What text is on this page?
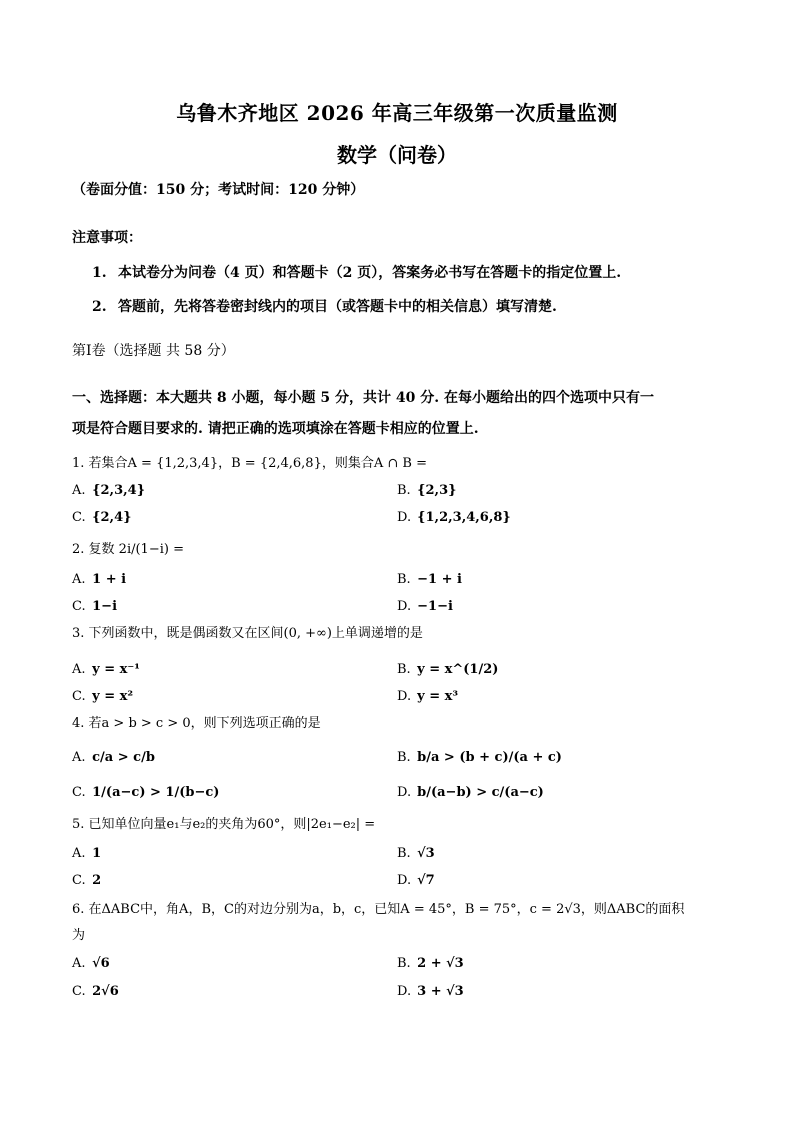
乌鲁木齐地区 2026 年高三年级第一次质量监测
数学（问卷）
（卷面分值：150 分；考试时间：120 分钟）
注意事项：
1. 本试卷分为问卷（4 页）和答题卡（2 页），答案务必书写在答题卡的指定位置上.
2. 答题前，先将答卷密封线内的项目（或答题卡中的相关信息）填写清楚.
第Ⅰ卷（选择题 共 58 分）
一、选择题：本大题共 8 小题，每小题 5 分，共计 40 分. 在每小题给出的四个选项中只有一
项是符合题目要求的. 请把正确的选项填涂在答题卡相应的位置上.
1. 若集合A = {1,2,3,4}，B = {2,4,6,8}，则集合A ∩ B =
A. {2,3,4}	B. {2,3}
C. {2,4}	D. {1,2,3,4,6,8}
2. 复数 2i/(1−i) =
A. 1 + i	B. −1 + i
C. 1−i	D. −1−i
3. 下列函数中，既是偶函数又在区间(0, +∞)上单调递增的是
A. y = x⁻¹	B. y = x^(1/2)
C. y = x²	D. y = x³
4. 若a > b > c > 0，则下列选项正确的是
A. c/a > c/b	B. b/a > (b + c)/(a + c)
C. 1/(a−c) > 1/(b−c)	D. b/(a−b) > c/(a−c)
5. 已知单位向量e₁与e₂的夹角为60°，则|2e₁−e₂| =
A. 1	B. √3
C. 2	D. √7
6. 在ΔABC中，角A，B，C的对边分别为a，b，c，已知A = 45°，B = 75°，c = 2√3，则ΔABC的面积
为
A. √6	B. 2 + √3
C. 2√6	D. 3 + √3
